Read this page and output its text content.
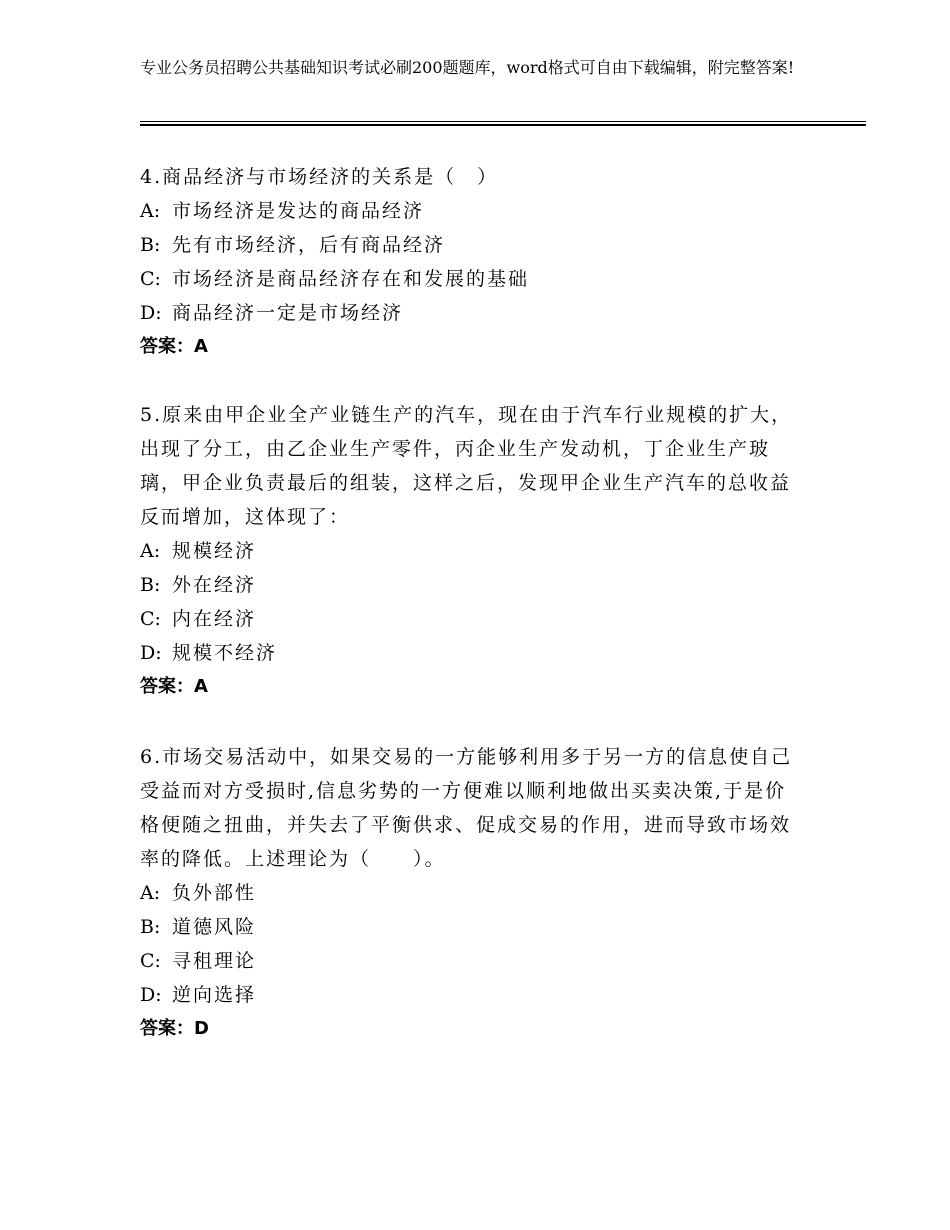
专业公务员招聘公共基础知识考试必刷200题题库，word格式可自由下载编辑，附完整答案!
4.商品经济与市场经济的关系是（　）
A: 市场经济是发达的商品经济
B: 先有市场经济，后有商品经济
C: 市场经济是商品经济存在和发展的基础
D: 商品经济一定是市场经济
答案：A
5.原来由甲企业全产业链生产的汽车，现在由于汽车行业规模的扩大，出现了分工，由乙企业生产零件，丙企业生产发动机，丁企业生产玻璃，甲企业负责最后的组装，这样之后，发现甲企业生产汽车的总收益反而增加，这体现了：
A: 规模经济
B: 外在经济
C: 内在经济
D: 规模不经济
答案：A
6.市场交易活动中，如果交易的一方能够利用多于另一方的信息使自己受益而对方受损时,信息劣势的一方便难以顺利地做出买卖决策,于是价格便随之扭曲，并失去了平衡供求、促成交易的作用，进而导致市场效率的降低。上述理论为（　　）。
A: 负外部性
B: 道德风险
C: 寻租理论
D: 逆向选择
答案：D
